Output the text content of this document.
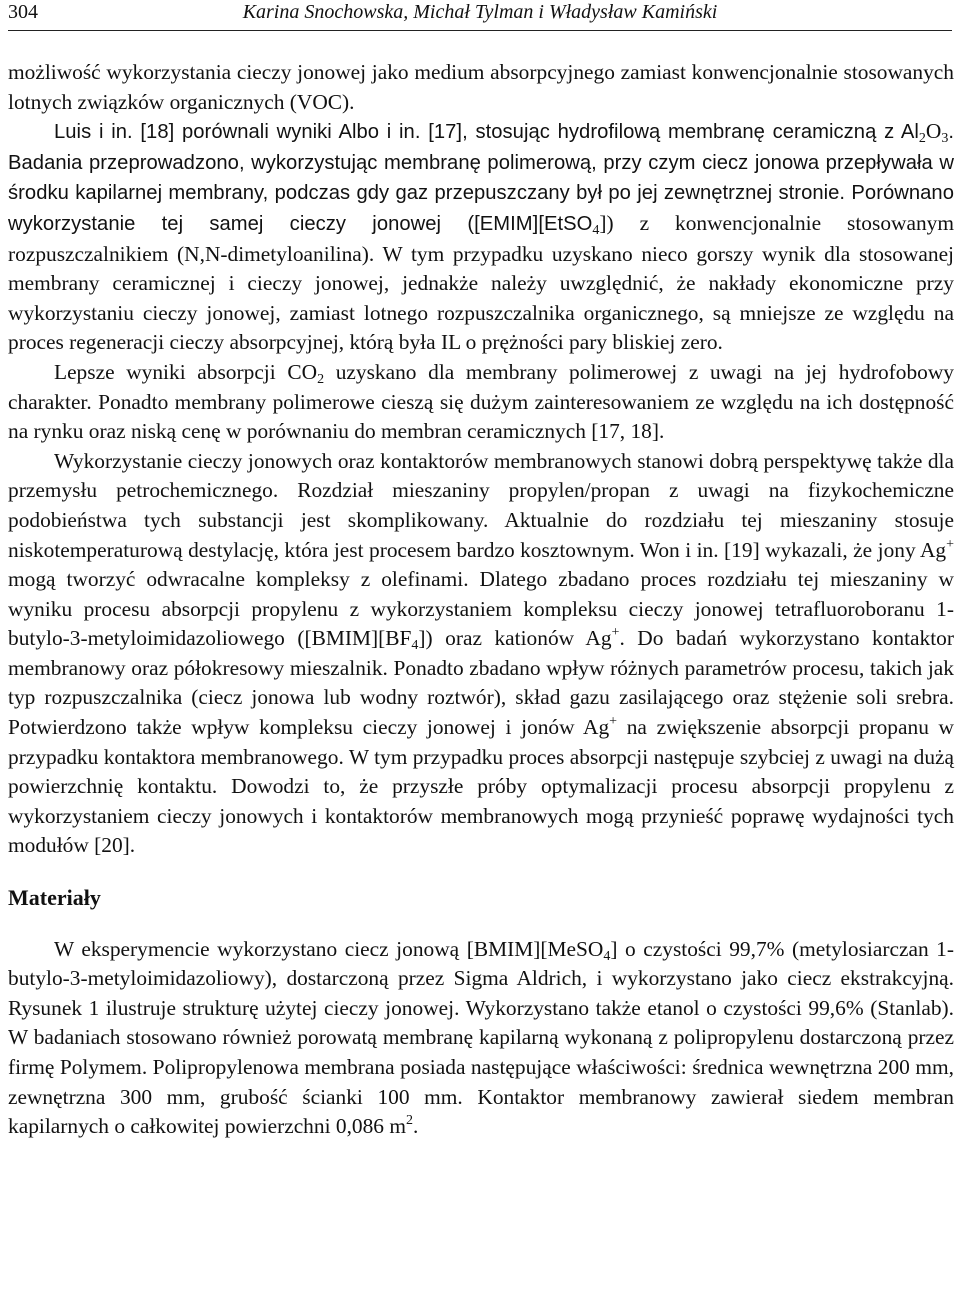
304	Karina Snochowska, Michał Tylman i Władysław Kamiński

możliwość wykorzystania cieczy jonowej jako medium absorpcyjnego zamiast konwencjonalnie stosowanych lotnych związków organicznych (VOC).

Luis i in. [18] porównali wyniki Albo i in. [17], stosując hydrofilową membranę ceramiczną z $Al_2O_3$. Badania przeprowadzono, wykorzystując membranę polimerową, przy czym ciecz jonowa przepływała w środku kapilarnej membrany, podczas gdy gaz przepuszczany był po jej zewnętrznej stronie. Porównano wykorzystanie tej samej cieczy jonowej ([EMIM][EtSO$_4$]) z konwencjonalnie stosowanym rozpuszczalnikiem (N,N-dimetyloanilina). W tym przypadku uzyskano nieco gorszy wynik dla stosowanej membrany ceramicznej i cieczy jonowej, jednakże należy uwzględnić, że nakłady ekonomiczne przy wykorzystaniu cieczy jonowej, zamiast lotnego rozpuszczalnika organicznego, są mniejsze ze względu na proces regeneracji cieczy absorpcyjnej, którą była IL o prężności pary bliskiej zero.

Lepsze wyniki absorpcji $CO_2$ uzyskano dla membrany polimerowej z uwagi na jej hydrofobowy charakter. Ponadto membrany polimerowe cieszą się dużym zainteresowaniem ze względu na ich dostępność na rynku oraz niską cenę w porównaniu do membran ceramicznych [17, 18].

Wykorzystanie cieczy jonowych oraz kontaktorów membranowych stanowi dobrą perspektywę także dla przemysłu petrochemicznego. Rozdział mieszaniny propylen/propan z uwagi na fizykochemiczne podobieństwa tych substancji jest skomplikowany. Aktualnie do rozdziału tej mieszaniny stosuje niskotemperaturową destylację, która jest procesem bardzo kosztownym. Won i in. [19] wykazali, że jony Ag+ mogą tworzyć odwracalne kompleksy z olefinami. Dlatego zbadano proces rozdziału tej mieszaniny w wyniku procesu absorpcji propylenu z wykorzystaniem kompleksu cieczy jonowej tetrafluoroboranu 1-butylo-3-metyloimidazoliowego $([BMIM][BF_4])$ oraz kationów Ag+. Do badań wykorzystano kontaktor membranowy oraz półokresowy mieszalnik. Ponadto zbadano wpływ różnych parametrów procesu, takich jak typ rozpuszczalnika (ciecz jonowa lub wodny roztwór), skład gazu zasilającego oraz stężenie soli srebra. Potwierdzono także wpływ kompleksu cieczy jonowej i jonów Ag+ na zwiększenie absorpcji propanu w przypadku kontaktora membranowego. W tym przypadku proces absorpcji następuje szybciej z uwagi na dużą powierzchnię kontaktu. Dowodzi to, że przyszłe próby optymalizacji procesu absorpcji propylenu z wykorzystaniem cieczy jonowych i kontaktorów membranowych mogą przynieść poprawę wydajności tych modułów [20].

Materiały

W eksperymencie wykorzystano ciecz jonową [BMIM][MeSO$_4$] o czystości 99,7% (metylosiarczan 1-butylo-3-metyloimidazoliowy), dostarczoną przez Sigma Aldrich, i wykorzystano jako ciecz ekstrakcyjną. Rysunek 1 ilustruje strukturę użytej cieczy jonowej. Wykorzystano także etanol o czystości 99,6% (Stanlab). W badaniach stosowano również porowatą membranę kapilarną wykonaną z polipropylenu dostarczoną przez firmę Polymem. Polipropylenowa membrana posiada następujące właściwości: średnica wewnętrzna 200 mm, zewnętrzna 300 mm, grubość ścianki 100 mm. Kontaktor membranowy zawierał siedem membran kapilarnych o całkowitej powierzchni 0,086 $m^2$.
